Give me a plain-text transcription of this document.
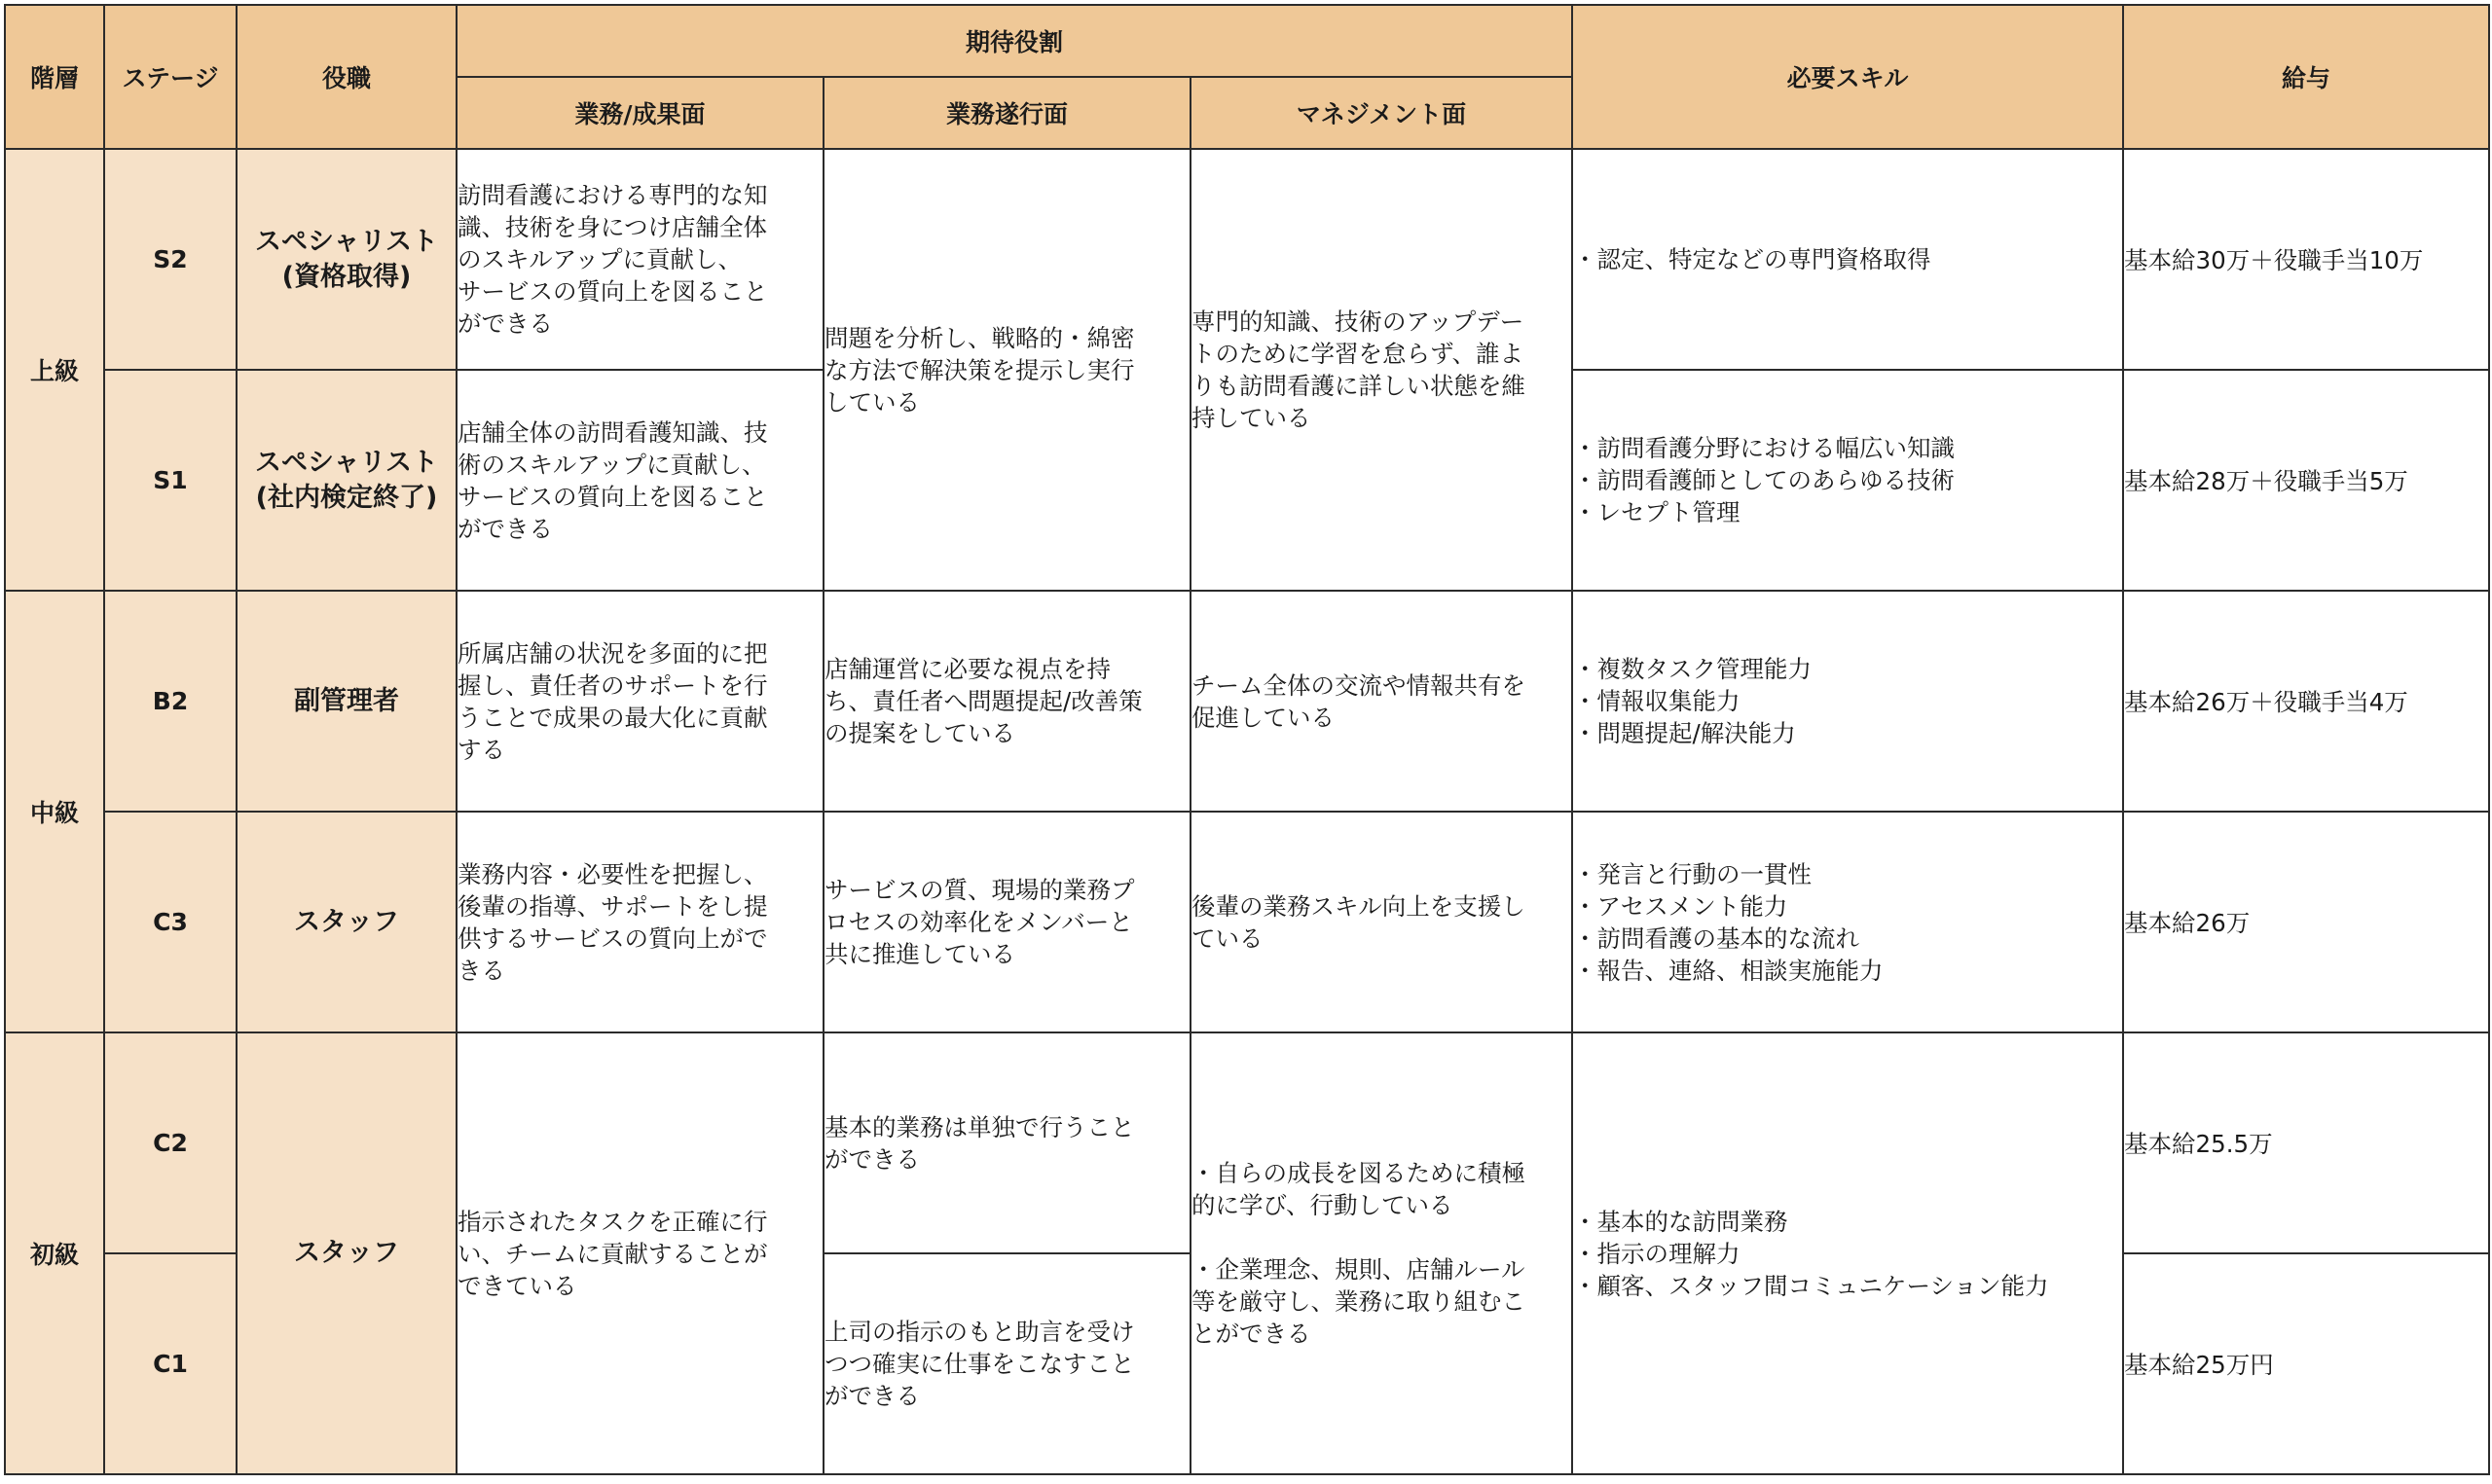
階層	ステージ	役職	期待役割			必要スキル	給与
			業務/成果面	業務遂行面	マネジメント面		
上級	S2	スペシャリスト
(資格取得)	訪問看護における専門的な知
識、技術を身につけ店舗全体
のスキルアップに貢献し、
サービスの質向上を図ること
ができる	問題を分析し、戦略的・綿密
な方法で解決策を提示し実行
している	専門的知識、技術のアップデー
トのために学習を怠らず、誰よ
りも訪問看護に詳しい状態を維
持している	・認定、特定などの専門資格取得	基本給30万＋役職手当10万
	S1	スペシャリスト
(社内検定終了)	店舗全体の訪問看護知識、技
術のスキルアップに貢献し、
サービスの質向上を図ること
ができる			・訪問看護分野における幅広い知識
・訪問看護師としてのあらゆる技術
・レセプト管理	基本給28万＋役職手当5万
中級	B2	副管理者	所属店舗の状況を多面的に把
握し、責任者のサポートを行
うことで成果の最大化に貢献
する	店舗運営に必要な視点を持
ち、責任者へ問題提起/改善策
の提案をしている	チーム全体の交流や情報共有を
促進している	・複数タスク管理能力
・情報収集能力
・問題提起/解決能力	基本給26万＋役職手当4万
	C3	スタッフ	業務内容・必要性を把握し、
後輩の指導、サポートをし提
供するサービスの質向上がで
きる	サービスの質、現場的業務プ
ロセスの効率化をメンバーと
共に推進している	後輩の業務スキル向上を支援し
ている	・発言と行動の一貫性
・アセスメント能力
・訪問看護の基本的な流れ
・報告、連絡、相談実施能力	基本給26万
初級	C2	スタッフ	指示されたタスクを正確に行
い、チームに貢献することが
できている	基本的業務は単独で行うこと
ができる	・自らの成長を図るために積極
的に学び、行動している
・企業理念、規則、店舗ルール
等を厳守し、業務に取り組むこ
とができる	・基本的な訪問業務
・指示の理解力
・顧客、スタッフ間コミュニケーション能力	基本給25.5万
	C1			上司の指示のもと助言を受け
つつ確実に仕事をこなすこと
ができる			基本給25万円
